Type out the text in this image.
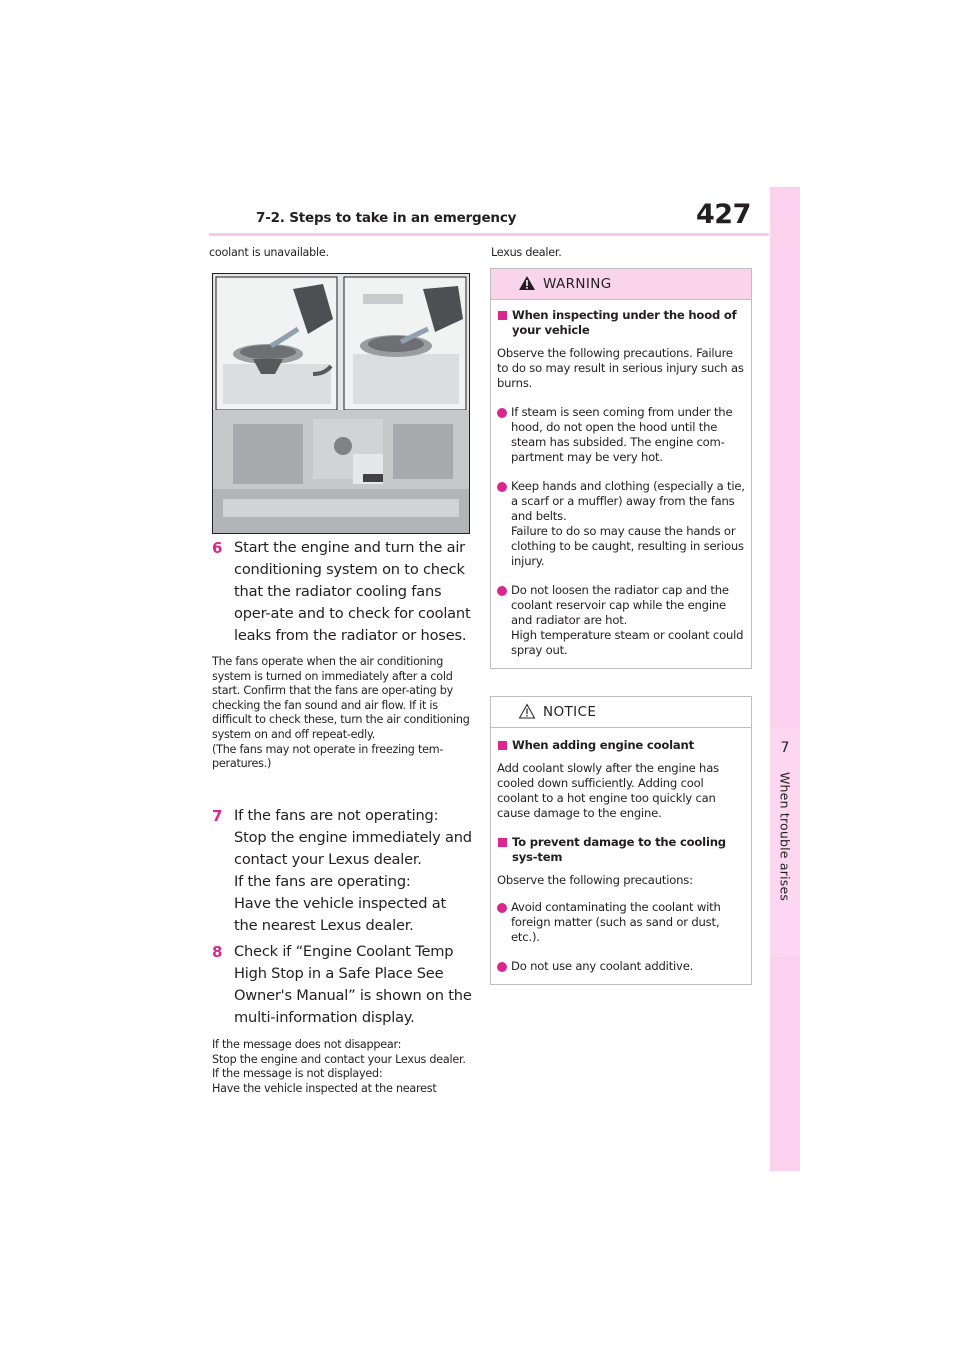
7-2. Steps to take in an emergency	427
7
When trouble arises
coolant is unavailable.
6 Start the engine and turn the air conditioning system on to check that the radiator cooling fans oper-ate and to check for coolant leaks from the radiator or hoses.

The fans operate when the air conditioning system is turned on immediately after a cold start. Confirm that the fans are oper-ating by checking the fan sound and air flow. If it is difficult to check these, turn the air conditioning system on and off repeat-edly.

(The fans may not operate in freezing tem-peratures.)

7 If the fans are not operating:
Stop the engine immediately and contact your Lexus dealer.
If the fans are operating:
Have the vehicle inspected at the nearest Lexus dealer.
8 Check if “Engine Coolant Temp High Stop in a Safe Place See Owner's Manual” is shown on the multi-information display.

If the message does not disappear:

Stop the engine and contact your Lexus dealer.

If the message is not displayed:

Have the vehicle inspected at the nearest

Lexus dealer.
WARNING
When inspecting under the hood of your vehicle

Observe the following precautions. Failure to do so may result in serious injury such as burns.

If steam is seen coming from under the hood, do not open the hood until the steam has subsided. The engine com-partment may be very hot.
Keep hands and clothing (especially a tie, a scarf or a muffler) away from the fans and belts.
Failure to do so may cause the hands or clothing to be caught, resulting in serious injury.
Do not loosen the radiator cap and the coolant reservoir cap while the engine and radiator are hot.
High temperature steam or coolant could spray out.
NOTICE
When adding engine coolant

Add coolant slowly after the engine has cooled down sufficiently. Adding cool coolant to a hot engine too quickly can cause damage to the engine.

To prevent damage to the cooling sys-tem

Observe the following precautions:

Avoid contaminating the coolant with foreign matter (such as sand or dust, etc.).
Do not use any coolant additive.
